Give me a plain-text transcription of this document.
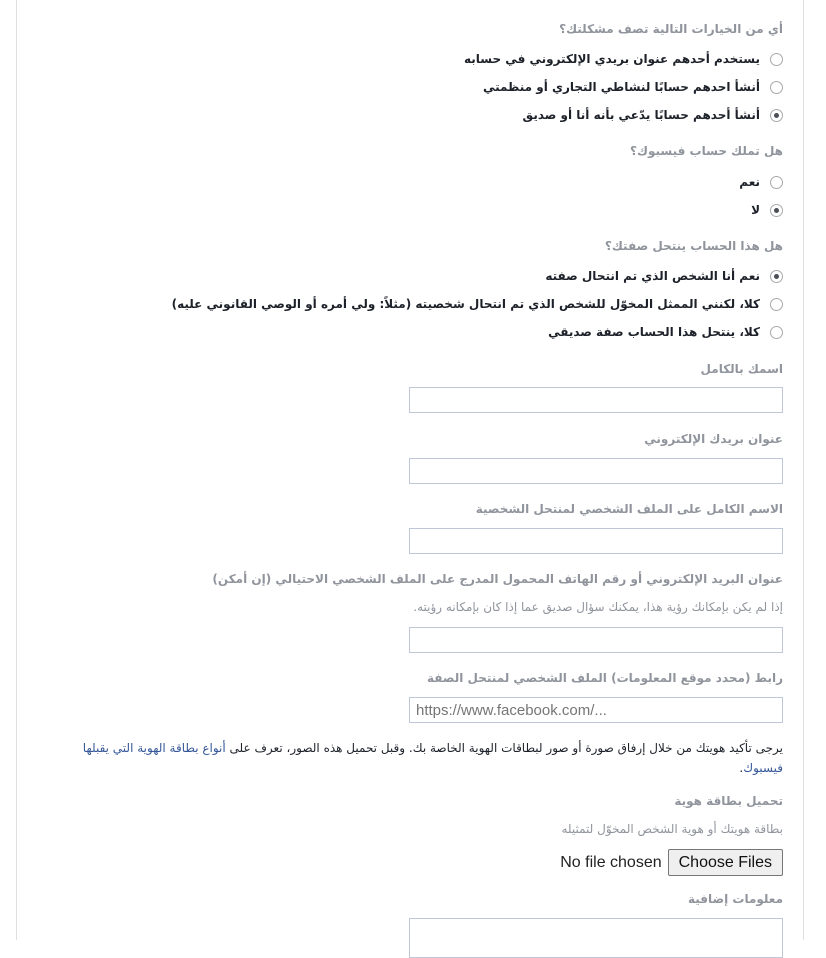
أي من الخيارات التالية تصف مشكلتك؟
يستخدم أحدهم عنوان بريدي الإلكتروني في حسابه
أنشأ احدهم حسابًا لنشاطي التجاري أو منظمتي
أنشأ أحدهم حسابًا يدّعي بأنه أنا أو صديق
هل تملك حساب فيسبوك؟
نعم
لا
هل هذا الحساب ينتحل صفتك؟
نعم أنا الشخص الذي تم انتحال صفته
كلا، لكنني الممثل المخوّل للشخص الذي تم انتحال شخصيته (مثلاً: ولي أمره أو الوصي القانوني عليه)
كلا، ينتحل هذا الحساب صفة صديقي
اسمك بالكامل
عنوان بريدك الإلكتروني
الاسم الكامل على الملف الشخصي لمنتحل الشخصية
عنوان البريد الإلكتروني أو رقم الهاتف المحمول المدرج على الملف الشخصي الاحتيالي (إن أمكن)
إذا لم يكن بإمكانك رؤية هذا، يمكنك سؤال صديق عما إذا كان بإمكانه رؤيته.
رابط (محدد موقع المعلومات) الملف الشخصي لمنتحل الصفة
https://www.facebook.com/...
يرجى تأكيد هويتك من خلال إرفاق صورة أو صور لبطاقات الهوية الخاصة بك. وقبل تحميل هذه الصور، تعرف على أنواع بطاقة الهوية التي يقبلها فيسبوك.
تحميل بطاقة هوية
بطاقة هويتك أو هوية الشخص المخوّل لتمثيله
No file chosen	Choose Files
معلومات إضافية
